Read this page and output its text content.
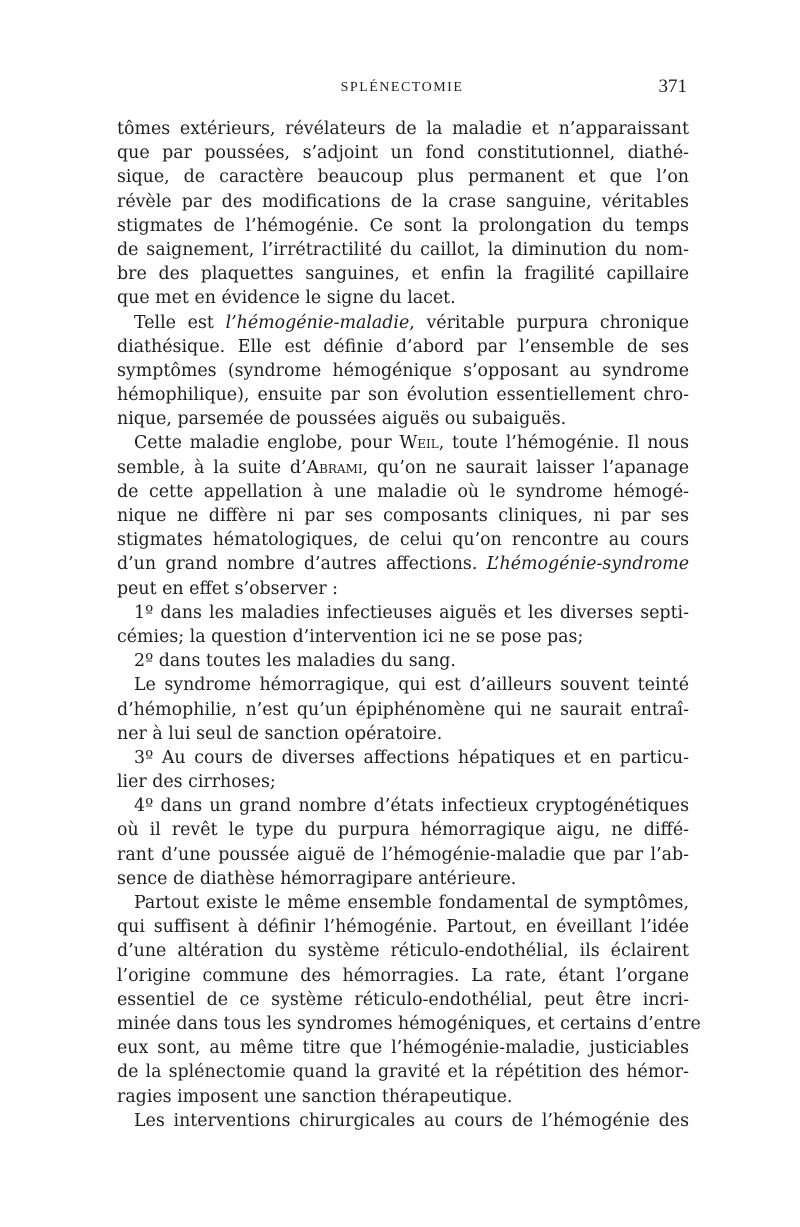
SPLÉNECTOMIE	371
tômes extérieurs, révélateurs de la maladie et n’apparaissant
que par poussées, s’adjoint un fond constitutionnel, diathé-
sique, de caractère beaucoup plus permanent et que l’on
révèle par des modifications de la crase sanguine, véritables
stigmates de l’hémogénie. Ce sont la prolongation du temps
de saignement, l’irrétractilité du caillot, la diminution du nom-
bre des plaquettes sanguines, et enfin la fragilité capillaire
que met en évidence le signe du lacet.
Telle est l’hémogénie-maladie, véritable purpura chronique
diathésique. Elle est définie d’abord par l’ensemble de ses
symptômes (syndrome hémogénique s’opposant au syndrome
hémophilique), ensuite par son évolution essentiellement chro-
nique, parsemée de poussées aiguës ou subaiguës.
Cette maladie englobe, pour Weil, toute l’hémogénie. Il nous
semble, à la suite d’Abrami, qu’on ne saurait laisser l’apanage
de cette appellation à une maladie où le syndrome hémogé-
nique ne diffère ni par ses composants cliniques, ni par ses
stigmates hématologiques, de celui qu’on rencontre au cours
d’un grand nombre d’autres affections. L’hémogénie-syndrome
peut en effet s’observer :
1º dans les maladies infectieuses aiguës et les diverses septi-
cémies; la question d’intervention ici ne se pose pas;
2º dans toutes les maladies du sang.
Le syndrome hémorragique, qui est d’ailleurs souvent teinté
d’hémophilie, n’est qu’un épiphénomène qui ne saurait entraî-
ner à lui seul de sanction opératoire.
3º Au cours de diverses affections hépatiques et en particu-
lier des cirrhoses;
4º dans un grand nombre d’états infectieux cryptogénétiques
où il revêt le type du purpura hémorragique aigu, ne diffé-
rant d’une poussée aiguë de l’hémogénie-maladie que par l’ab-
sence de diathèse hémorragipare antérieure.
Partout existe le même ensemble fondamental de symptômes,
qui suffisent à définir l’hémogénie. Partout, en éveillant l’idée
d’une altération du système réticulo-endothélial, ils éclairent
l’origine commune des hémorragies. La rate, étant l’organe
essentiel de ce système réticulo-endothélial, peut être incri-
minée dans tous les syndromes hémogéniques, et certains d’entre
eux sont, au même titre que l’hémogénie-maladie, justiciables
de la splénectomie quand la gravité et la répétition des hémor-
ragies imposent une sanction thérapeutique.
Les interventions chirurgicales au cours de l’hémogénie des
